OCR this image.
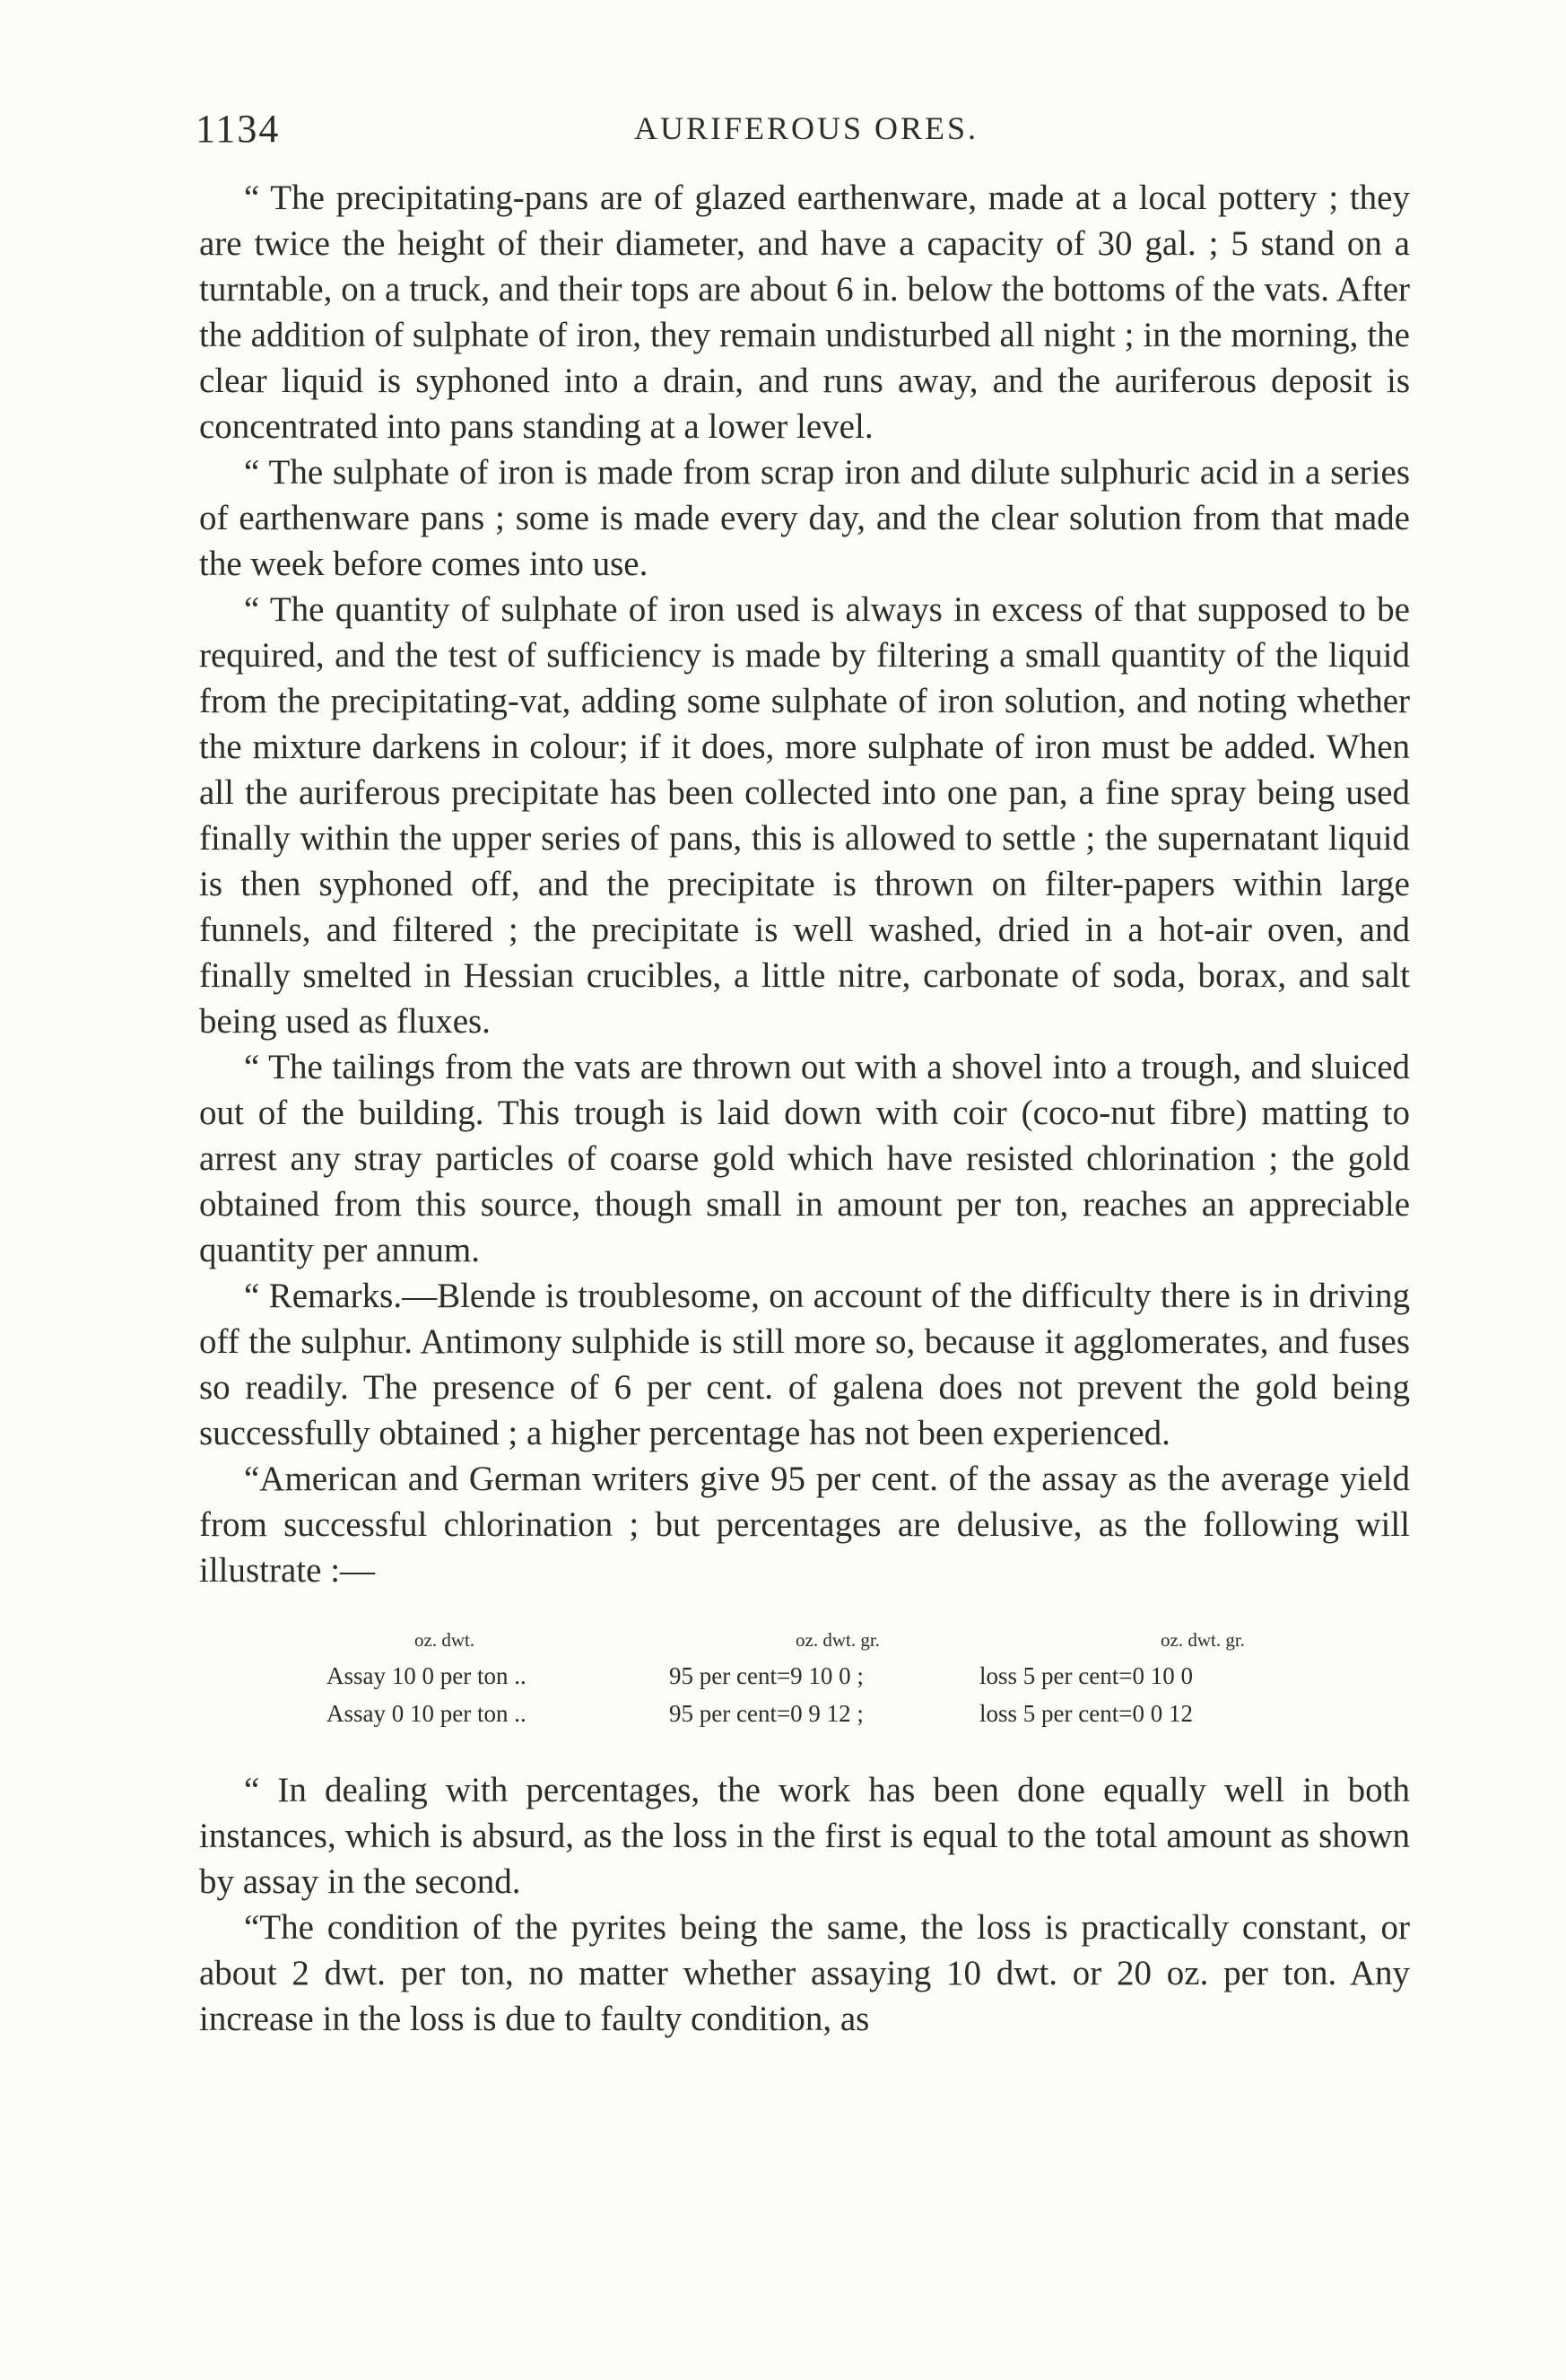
1134	AURIFEROUS ORES.

“ The precipitating-pans are of glazed earthenware, made at a local pottery ; they are twice the height of their diameter, and have a capacity of 30 gal. ; 5 stand on a turntable, on a truck, and their tops are about 6 in. below the bottoms of the vats. After the addition of sulphate of iron, they remain undisturbed all night ; in the morning, the clear liquid is syphoned into a drain, and runs away, and the auriferous deposit is concentrated into pans standing at a lower level.

“ The sulphate of iron is made from scrap iron and dilute sulphuric acid in a series of earthenware pans ; some is made every day, and the clear solution from that made the week before comes into use.

“ The quantity of sulphate of iron used is always in excess of that supposed to be required, and the test of sufficiency is made by filtering a small quantity of the liquid from the precipitating-vat, adding some sulphate of iron solution, and noting whether the mixture darkens in colour; if it does, more sulphate of iron must be added. When all the auriferous precipitate has been collected into one pan, a fine spray being used finally within the upper series of pans, this is allowed to settle ; the supernatant liquid is then syphoned off, and the precipitate is thrown on filter-papers within large funnels, and filtered ; the precipitate is well washed, dried in a hot-air oven, and finally smelted in Hessian crucibles, a little nitre, carbonate of soda, borax, and salt being used as fluxes.

“ The tailings from the vats are thrown out with a shovel into a trough, and sluiced out of the building. This trough is laid down with coir (coco-nut fibre) matting to arrest any stray particles of coarse gold which have resisted chlorination ; the gold obtained from this source, though small in amount per ton, reaches an appreciable quantity per annum.

“ Remarks.—Blende is troublesome, on account of the difficulty there is in driving off the sulphur. Antimony sulphide is still more so, because it agglomerates, and fuses so readily. The presence of 6 per cent. of galena does not prevent the gold being successfully obtained ; a higher percentage has not been experienced.

“American and German writers give 95 per cent. of the assay as the average yield from successful chlorination ; but percentages are delusive, as the following will illustrate :—

oz. dwt.	oz. dwt. gr.	oz. dwt. gr.
Assay 10 0 per ton ..	95 per cent=9 10 0 ;	loss 5 per cent=0 10 0
Assay 0 10 per ton ..	95 per cent=0 9 12 ;	loss 5 per cent=0 0 12

“ In dealing with percentages, the work has been done equally well in both instances, which is absurd, as the loss in the first is equal to the total amount as shown by assay in the second.

“The condition of the pyrites being the same, the loss is practically constant, or about 2 dwt. per ton, no matter whether assaying 10 dwt. or 20 oz. per ton. Any increase in the loss is due to faulty condition, as
